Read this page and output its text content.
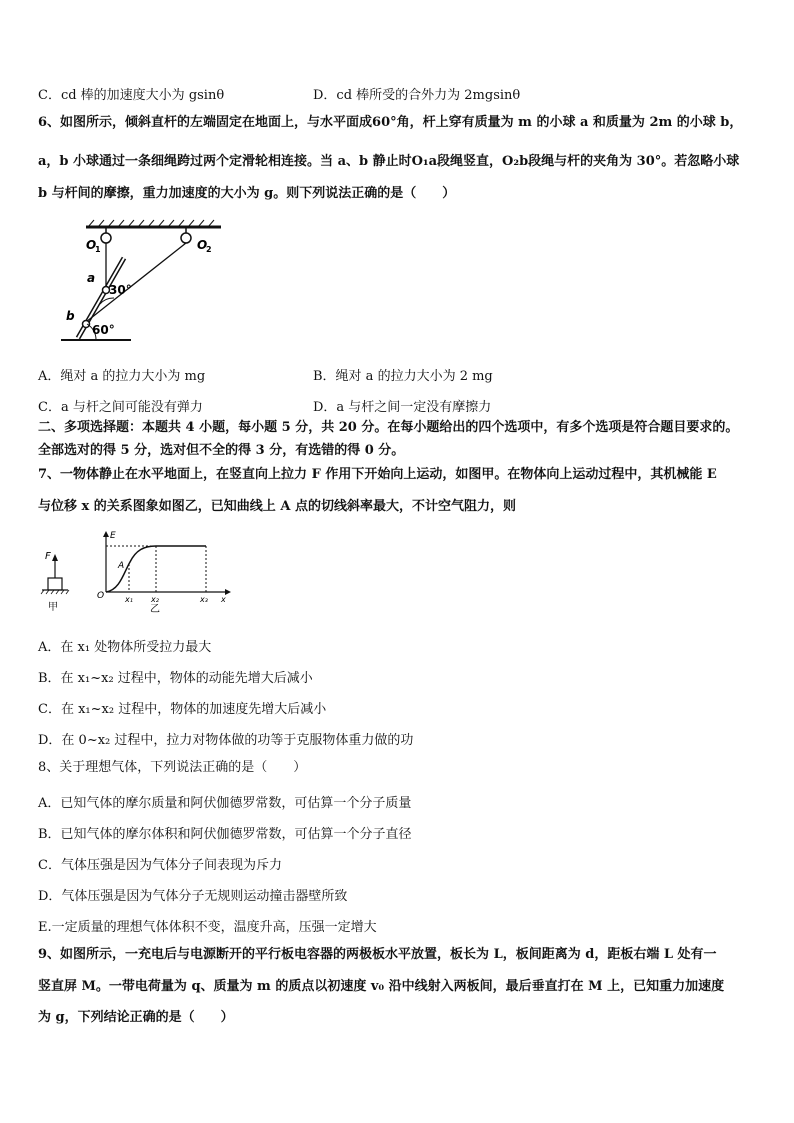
C．cd 棒的加速度大小为 gsinθ	D．cd 棒所受的合外力为 2mgsinθ
6、如图所示，倾斜直杆的左端固定在地面上，与水平面成60°角，杆上穿有质量为 m 的小球 a 和质量为 2m 的小球 b，
a，b 小球通过一条细绳跨过两个定滑轮相连接。当 a、b 静止时O₁a段绳竖直，O₂b段绳与杆的夹角为 30°。若忽略小球
b 与杆间的摩擦，重力加速度的大小为 g。则下列说法正确的是（　　）
O
1	O
2
a
b
30°
60°
A．绳对 a 的拉力大小为 mg	B．绳对 a 的拉力大小为 2 mg
C．a 与杆之间可能没有弹力	D．a 与杆之间一定没有摩擦力
二、多项选择题：本题共 4 小题，每小题 5 分，共 20 分。在每小题给出的四个选项中，有多个选项是符合题目要求的。
全部选对的得 5 分，选对但不全的得 3 分，有选错的得 0 分。
7、一物体静止在水平地面上，在竖直向上拉力 F 作用下开始向上运动，如图甲。在物体向上运动过程中，其机械能 E
与位移 x 的关系图象如图乙，已知曲线上 A 点的切线斜率最大，不计空气阻力，则
F
甲
E
A
O	x₁ x₂	x₃ x
乙
A．在 x₁ 处物体所受拉力最大
B．在 x₁~x₂ 过程中，物体的动能先增大后减小
C．在 x₁~x₂ 过程中，物体的加速度先增大后减小
D．在 0~x₂ 过程中，拉力对物体做的功等于克服物体重力做的功
8、关于理想气体，下列说法正确的是（　　）
A．已知气体的摩尔质量和阿伏伽德罗常数，可估算一个分子质量
B．已知气体的摩尔体积和阿伏伽德罗常数，可估算一个分子直径
C．气体压强是因为气体分子间表现为斥力
D．气体压强是因为气体分子无规则运动撞击器壁所致
E.一定质量的理想气体体积不变，温度升高，压强一定增大
9、如图所示，一充电后与电源断开的平行板电容器的两极板水平放置，板长为 L，板间距离为 d，距板右端 L 处有一
竖直屏 M。一带电荷量为 q、质量为 m 的质点以初速度 v₀ 沿中线射入两板间，最后垂直打在 M 上，已知重力加速度
为 g，下列结论正确的是（　　）
